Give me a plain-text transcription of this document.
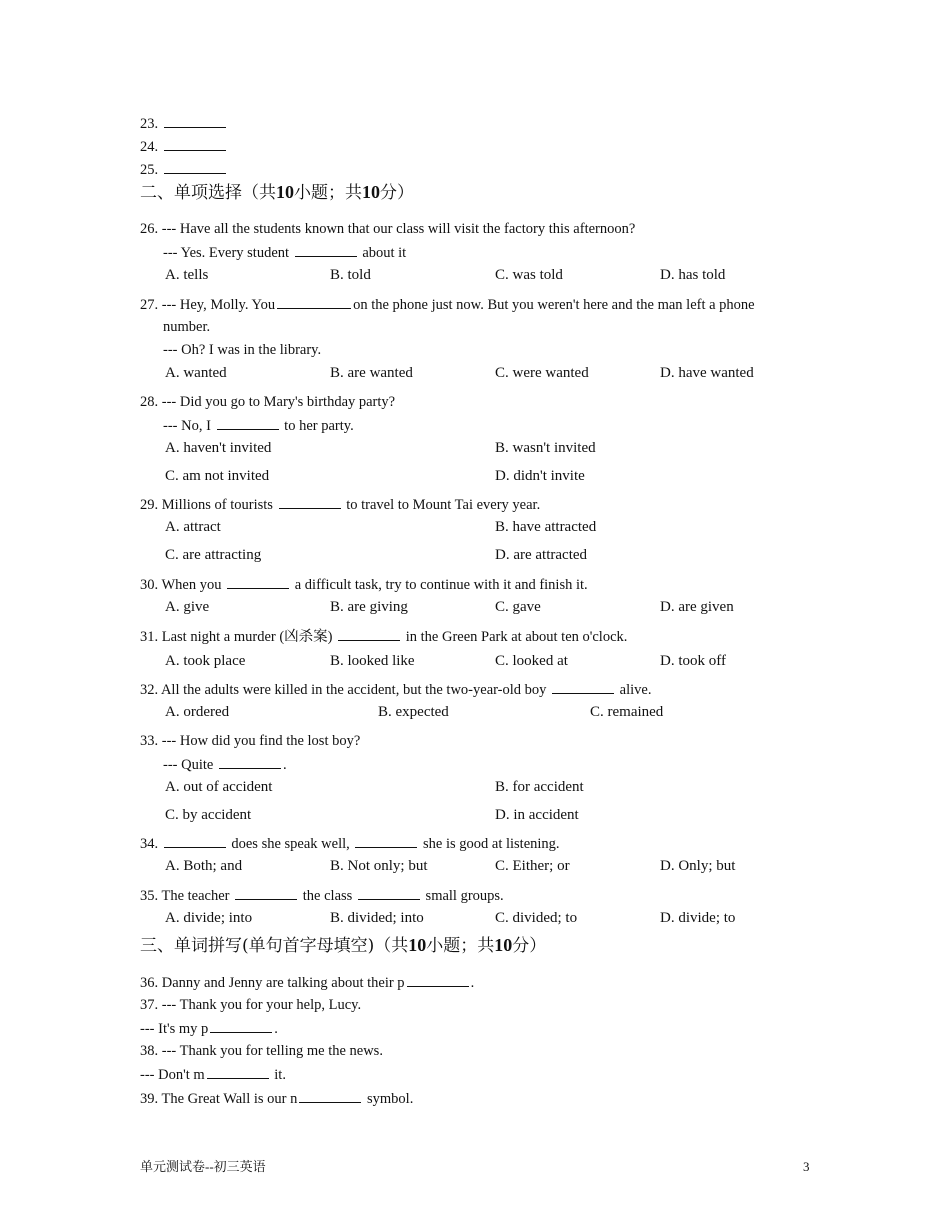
23.
24.
25.
二、单项选择（共10小题；共10分）
26. --- Have all the students known that our class will visit the factory this afternoon?
--- Yes. Every student	about it
A. tells	B. told	C. was told	D. has told
27. --- Hey, Molly. You	on the phone just now. But you weren't here and the man left a phone
number.
--- Oh? I was in the library.
A. wanted	B. are wanted	C. were wanted	D. have wanted
28. --- Did you go to Mary's birthday party?
--- No, I	to her party.
A. haven't invited	B. wasn't invited
C. am not invited	D. didn't invite
29. Millions of tourists	to travel to Mount Tai every year.
A. attract	B. have attracted
C. are attracting	D. are attracted
30. When you	a difficult task, try to continue with it and finish it.
A. give	B. are giving	C. gave	D. are given
31. Last night a murder (凶杀案)	in the Green Park at about ten o'clock.
A. took place	B. looked like	C. looked at	D. took off
32. All the adults were killed in the accident, but the two-year-old boy	alive.
A. ordered	B. expected	C. remained
33. --- How did you find the lost boy?
--- Quite	.
A. out of accident	B. for accident
C. by accident	D. in accident
34.	does she speak well,	she is good at listening.
A. Both; and	B. Not only; but	C. Either; or	D. Only; but
35. The teacher	the class	small groups.
A. divide; into	B. divided; into	C. divided; to	D. divide; to
三、单词拼写(单句首字母填空)（共10小题；共10分）
36. Danny and Jenny are talking about their p	.
37. --- Thank you for your help, Lucy.
--- It's my p	.
38. --- Thank you for telling me the news.
--- Don't m	it.
39. The Great Wall is our n	symbol.
单元测试卷--初三英语	3
